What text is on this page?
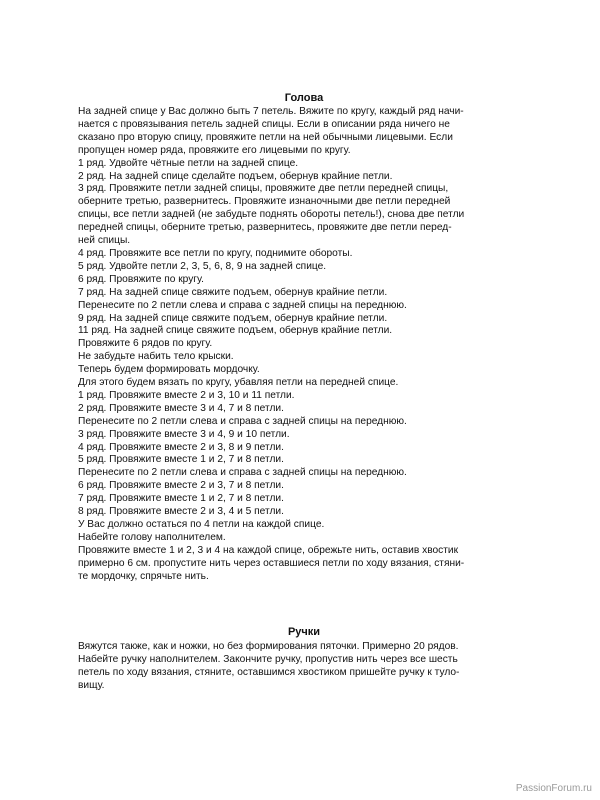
Голова

На задней спице у Вас должно быть 7 петель. Вяжите по кругу, каждый ряд начи-

нается с провязывания петель задней спицы. Если в описании ряда ничего не

сказано про вторую спицу, провяжите петли на ней обычными лицевыми. Если

пропущен номер ряда, провяжите его лицевыми по кругу.

1 ряд. Удвойте чётные петли на задней спице.

2 ряд. На задней спице сделайте подъем, обернув крайние петли.

3 ряд. Провяжите петли задней спицы, провяжите две петли передней спицы,

оберните третью, развернитесь. Провяжите изнаночными две петли передней

спицы, все петли задней (не забудьте поднять обороты петель!), снова две петли

передней спицы, оберните третью, развернитесь, провяжите две петли перед-

ней спицы.

4 ряд. Провяжите все петли по кругу, поднимите обороты.

5 ряд. Удвойте петли 2, 3, 5, 6, 8, 9 на задней спице.

6 ряд. Провяжите по кругу.

7 ряд. На задней спице свяжите подъем, обернув крайние петли.

Перенесите по 2 петли слева и справа с задней спицы на переднюю.

9 ряд. На задней спице свяжите подъем, обернув крайние петли.

11 ряд. На задней спице свяжите подъем, обернув крайние петли.

Провяжите 6 рядов по кругу.

Не забудьте набить тело крыски.

Теперь будем формировать мордочку.

Для этого будем вязать по кругу, убавляя петли на передней спице.

1 ряд. Провяжите вместе 2 и 3, 10 и 11 петли.

2 ряд. Провяжите вместе 3 и 4, 7 и 8 петли.

Перенесите по 2 петли слева и справа с задней спицы на переднюю.

3 ряд. Провяжите вместе 3 и 4, 9 и 10 петли.

4 ряд. Провяжите вместе 2 и 3, 8 и 9 петли.

5 ряд. Провяжите вместе 1 и 2, 7 и 8 петли.

Перенесите по 2 петли слева и справа с задней спицы на переднюю.

6 ряд. Провяжите вместе 2 и 3, 7 и 8 петли.

7 ряд. Провяжите вместе 1 и 2, 7 и 8 петли.

8 ряд. Провяжите вместе 2 и 3, 4 и 5 петли.

У Вас должно остаться по 4 петли на каждой спице.

Набейте голову наполнителем.

Провяжите вместе 1 и 2, 3 и 4 на каждой спице, обрежьте нить, оставив хвостик

примерно 6 см. пропустите нить через оставшиеся петли по ходу вязания, стяни-

те мордочку, спрячьте нить.

Ручки

Вяжутся также, как и ножки, но без формирования пяточки. Примерно 20 рядов.

Набейте ручку наполнителем. Закончите ручку, пропустив нить через все шесть

петель по ходу вязания, стяните, оставшимся хвостиком пришейте ручку к туло-

вищу.

PassionForum.ru
